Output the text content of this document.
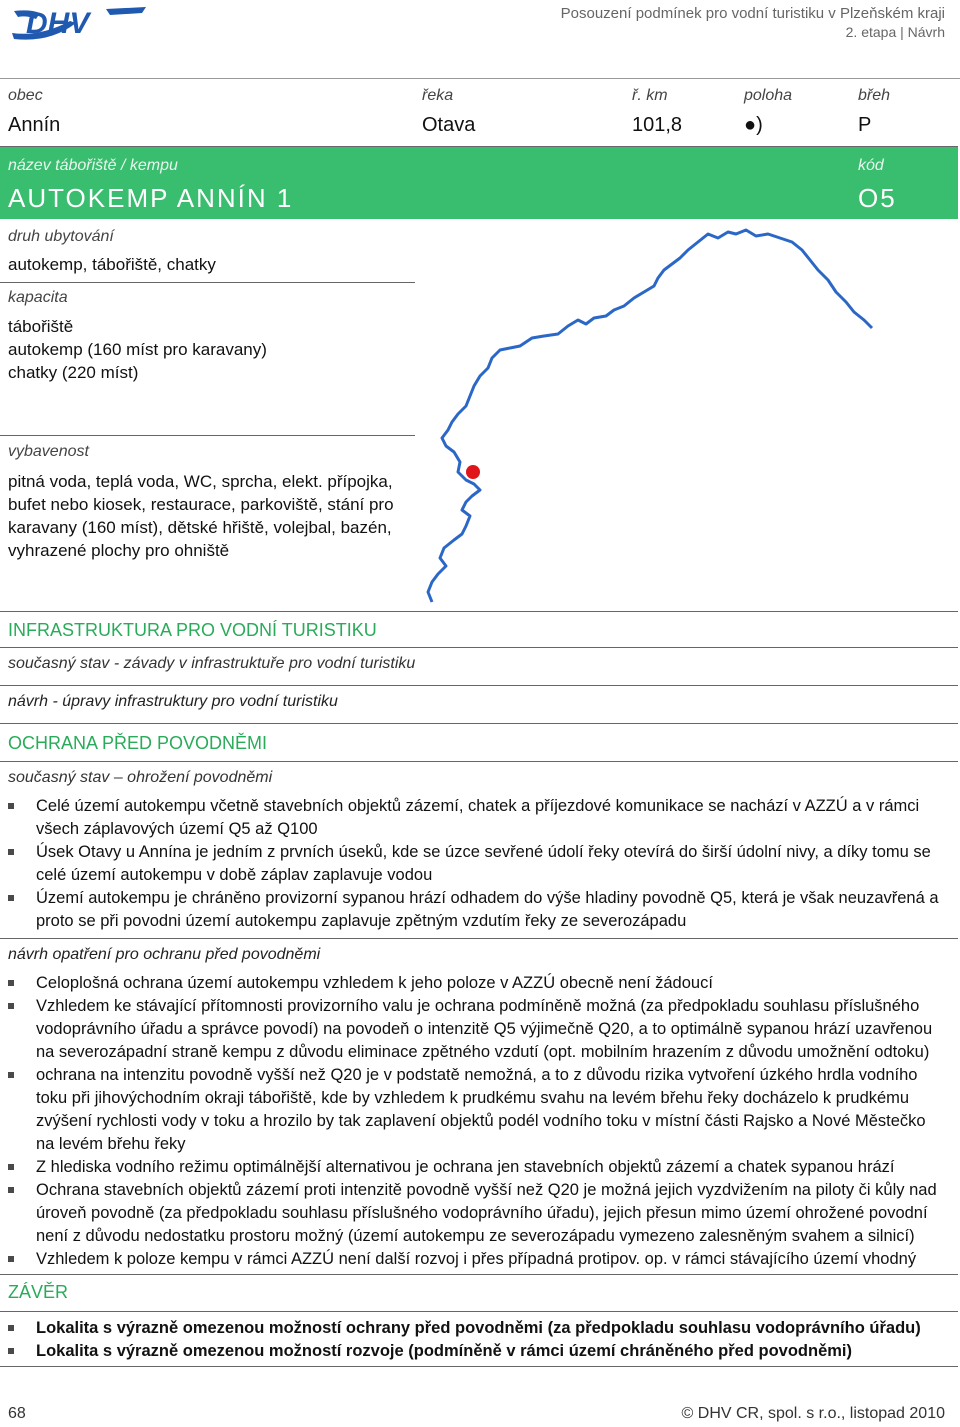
DHV	Posouzení podmínek pro vodní turistiku v Plzeňském kraji
2. etapa | Návrh
obec
Annín
řeka
Otava
ř. km
101,8
poloha
●)
břeh
P
název tábořiště / kempu
AUTOKEMP ANNÍN 1
kód
O5
druh ubytování
autokemp, tábořiště, chatky
kapacita
tábořiště
autokemp (160 míst pro karavany)
chatky (220 míst)
vybavenost
pitná voda, teplá voda, WC, sprcha, elekt. přípojka, bufet nebo kiosek, restaurace, parkoviště, stání pro karavany (160 míst), dětské hřiště, volejbal, bazén, vyhrazené plochy pro ohniště
INFRASTRUKTURA PRO VODNÍ TURISTIKU
současný stav - závady v infrastruktuře pro vodní turistiku
návrh - úpravy infrastruktury pro vodní turistiku
OCHRANA PŘED POVODNĚMI
současný stav – ohrožení povodněmi
Celé území autokempu včetně stavebních objektů zázemí, chatek a příjezdové komunikace se nachází v AZZÚ a v rámci všech záplavových území Q5 až Q100
Úsek Otavy u Annína je jedním z prvních úseků, kde se úzce sevřené údolí řeky otevírá do širší údolní nivy, a díky tomu se celé území autokempu v době záplav zaplavuje vodou
Území autokempu je chráněno provizorní sypanou hrází odhadem do výše hladiny povodně Q5, která je však neuzavřená a proto se při povodni území autokempu zaplavuje zpětným vzdutím řeky ze severozápadu
návrh opatření pro ochranu před povodněmi
Celoplošná ochrana území autokempu vzhledem k jeho poloze v AZZÚ obecně není žádoucí
Vzhledem ke stávající přítomnosti provizorního valu je ochrana podmíněně možná (za předpokladu souhlasu příslušného vodoprávního úřadu a správce povodí) na povodeň o intenzitě Q5 výjimečně Q20, a to optimálně sypanou hrází uzavřenou na severozápadní straně kempu z důvodu eliminace zpětného vzdutí (opt. mobilním hrazením z důvodu umožnění odtoku)
ochrana na intenzitu povodně vyšší než Q20 je v podstatě nemožná, a to z důvodu rizika vytvoření úzkého hrdla vodního toku při jihovýchodním okraji tábořiště, kde by vzhledem k prudkému svahu na levém břehu řeky docházelo k prudkému zvýšení rychlosti vody v toku a hrozilo by tak zaplavení objektů podél vodního toku v místní části Rajsko a Nové Městečko na levém břehu řeky
Z hlediska vodního režimu optimálnější alternativou je ochrana jen stavebních objektů zázemí a chatek sypanou hrází
Ochrana stavebních objektů zázemí proti intenzitě povodně vyšší než Q20 je možná jejich vyzdvižením na piloty či kůly nad úroveň povodně (za předpokladu souhlasu příslušného vodoprávního úřadu), jejich přesun mimo území ohrožené povodní není z důvodu nedostatku prostoru možný (území autokempu ze severozápadu vymezeno zalesněným svahem a silnicí)
Vzhledem k poloze kempu v rámci AZZÚ není další rozvoj i přes případná protipov. op. v rámci stávajícího území vhodný
ZÁVĚR
Lokalita s výrazně omezenou možností ochrany před povodněmi (za předpokladu souhlasu vodoprávního úřadu)
Lokalita s výrazně omezenou možností rozvoje (podmíněně v rámci území chráněného před povodněmi)
68	© DHV CR, spol. s r.o., listopad 2010
